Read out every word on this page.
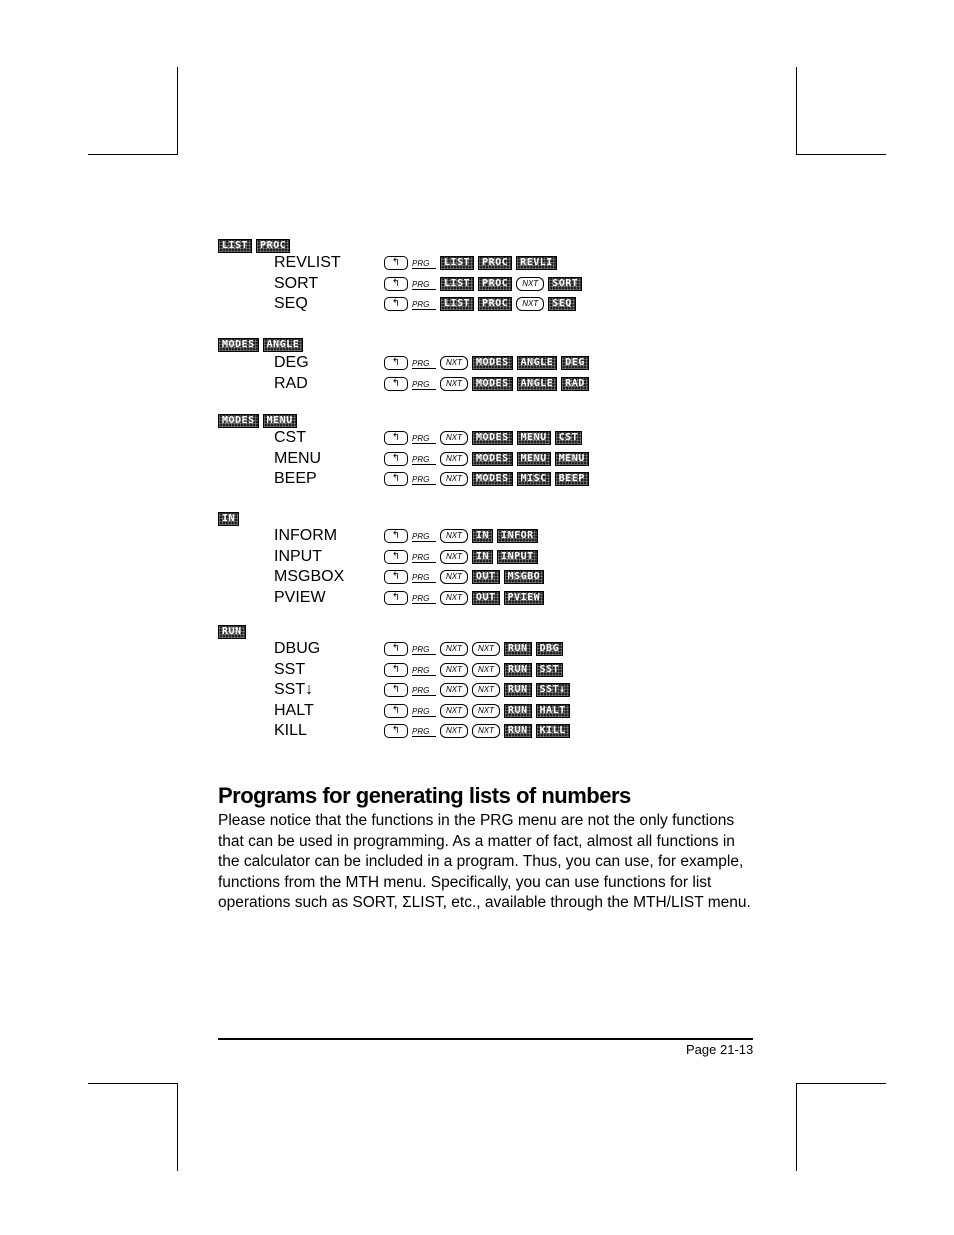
LIST	PROC
REVLIST	↰	PRG	LIST	PROC	REVLI
SORT	↰	PRG	LIST	PROC	NXT	SORT
SEQ	↰	PRG	LIST	PROC	NXT	SEQ
MODES	ANGLE
DEG	↰	PRG	NXT	MODES	ANGLE	DEG
RAD	↰	PRG	NXT	MODES	ANGLE	RAD
MODES	MENU
CST	↰	PRG	NXT	MODES	MENU	CST
MENU	↰	PRG	NXT	MODES	MENU	MENU
BEEP	↰	PRG	NXT	MODES	MISC	BEEP
IN
INFORM	↰	PRG	NXT	IN	INFOR
INPUT	↰	PRG	NXT	IN	INPUT
MSGBOX	↰	PRG	NXT	OUT	MSGBO
PVIEW	↰	PRG	NXT	OUT	PVIEW
RUN
DBUG	↰	PRG	NXT	NXT	RUN	DBG
SST	↰	PRG	NXT	NXT	RUN	SST
SST↓	↰	PRG	NXT	NXT	RUN	SST↓
HALT	↰	PRG	NXT	NXT	RUN	HALT
KILL	↰	PRG	NXT	NXT	RUN	KILL
Programs for generating lists of numbers

Please notice that the functions in the PRG menu are not the only functions that can be used in programming. As a matter of fact, almost all functions in the calculator can be included in a program. Thus, you can use, for example, functions from the MTH menu. Specifically, you can use functions for list operations such as SORT, ΣLIST, etc., available through the MTH/LIST menu.

Page 21-13
